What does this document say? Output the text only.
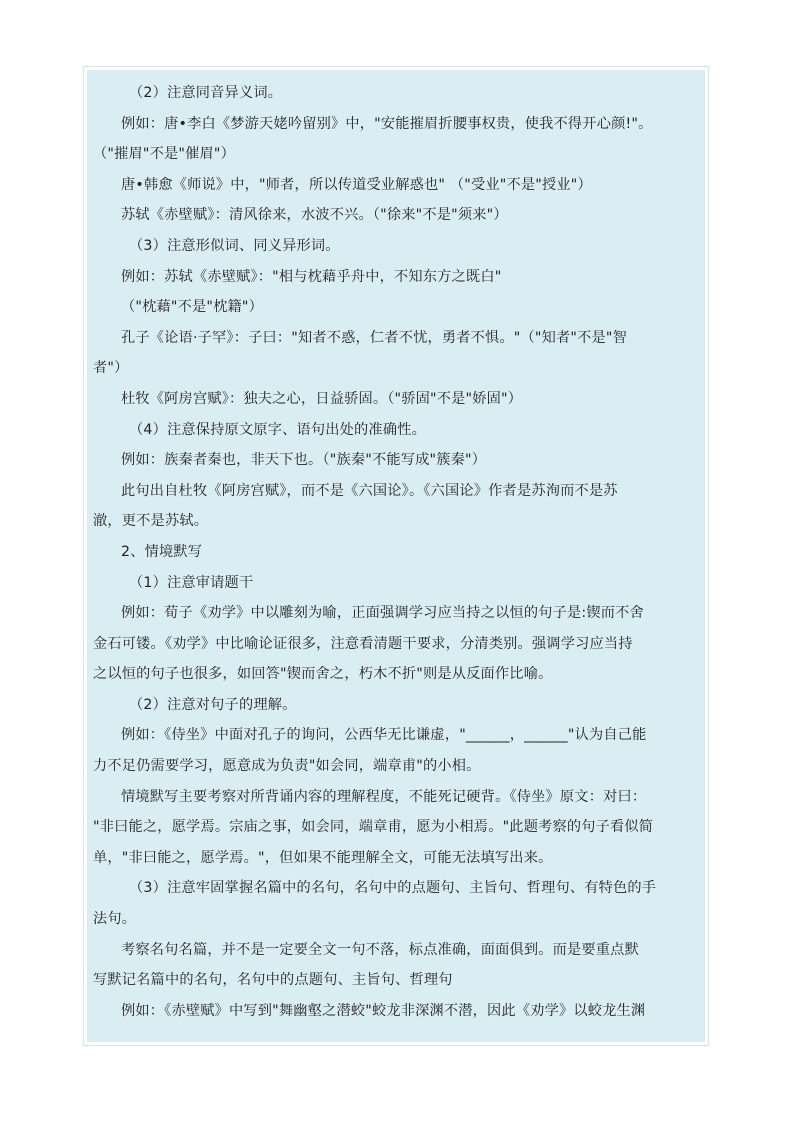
（2）注意同音异义词。
例如：唐•李白《梦游天姥吟留别》中，"安能摧眉折腰事权贵，使我不得开心颜!"。
（"摧眉"不是"催眉"）
唐•韩愈《师说》中，"师者，所以传道受业解惑也" （"受业"不是"授业"）
苏轼《赤壁赋》：清风徐来，水波不兴。（"徐来"不是"须来"）
（3）注意形似词、同义异形词。
例如：苏轼《赤壁赋》："相与枕藉乎舟中，不知东方之既白"
（"枕藉"不是"枕籍"）
孔子《论语·子罕》：子曰："知者不惑，仁者不忧，勇者不惧。"（"知者"不是"智
者"）
杜牧《阿房宫赋》：独夫之心，日益骄固。（"骄固"不是"娇固"）
（4）注意保持原文原字、语句出处的准确性。
例如：族秦者秦也，非天下也。（"族秦"不能写成"簇秦"）
此句出自杜牧《阿房宫赋》，而不是《六国论》。《六国论》作者是苏洵而不是苏
澈，更不是苏轼。
2、情境默写
（1）注意审请题干
例如：荀子《劝学》中以雕刻为喻，正面强调学习应当持之以恒的句子是:锲而不舍
金石可镂。《劝学》中比喻论证很多，注意看清题干要求，分清类别。强调学习应当持
之以恒的句子也很多，如回答"锲而舍之，朽木不折"则是从反面作比喻。
（2）注意对句子的理解。
例如：《侍坐》中面对孔子的询问，公西华无比谦虚，"______，______"认为自己能
力不足仍需要学习，愿意成为负责"如会同，端章甫"的小相。
情境默写主要考察对所背诵内容的理解程度，不能死记硬背。《侍坐》原文：对曰：
"非曰能之，愿学焉。宗庙之事，如会同，端章甫，愿为小相焉。"此题考察的句子看似简
单，"非曰能之，愿学焉。"，但如果不能理解全文，可能无法填写出来。
（3）注意牢固掌握名篇中的名句，名句中的点题句、主旨句、哲理句、有特色的手
法句。
考察名句名篇，并不是一定要全文一句不落，标点准确，面面俱到。而是要重点默
写默记名篇中的名句，名句中的点题句、主旨句、哲理句
例如：《赤壁赋》中写到"舞幽壑之潜蛟"蛟龙非深渊不潜，因此《劝学》以蛟龙生渊
